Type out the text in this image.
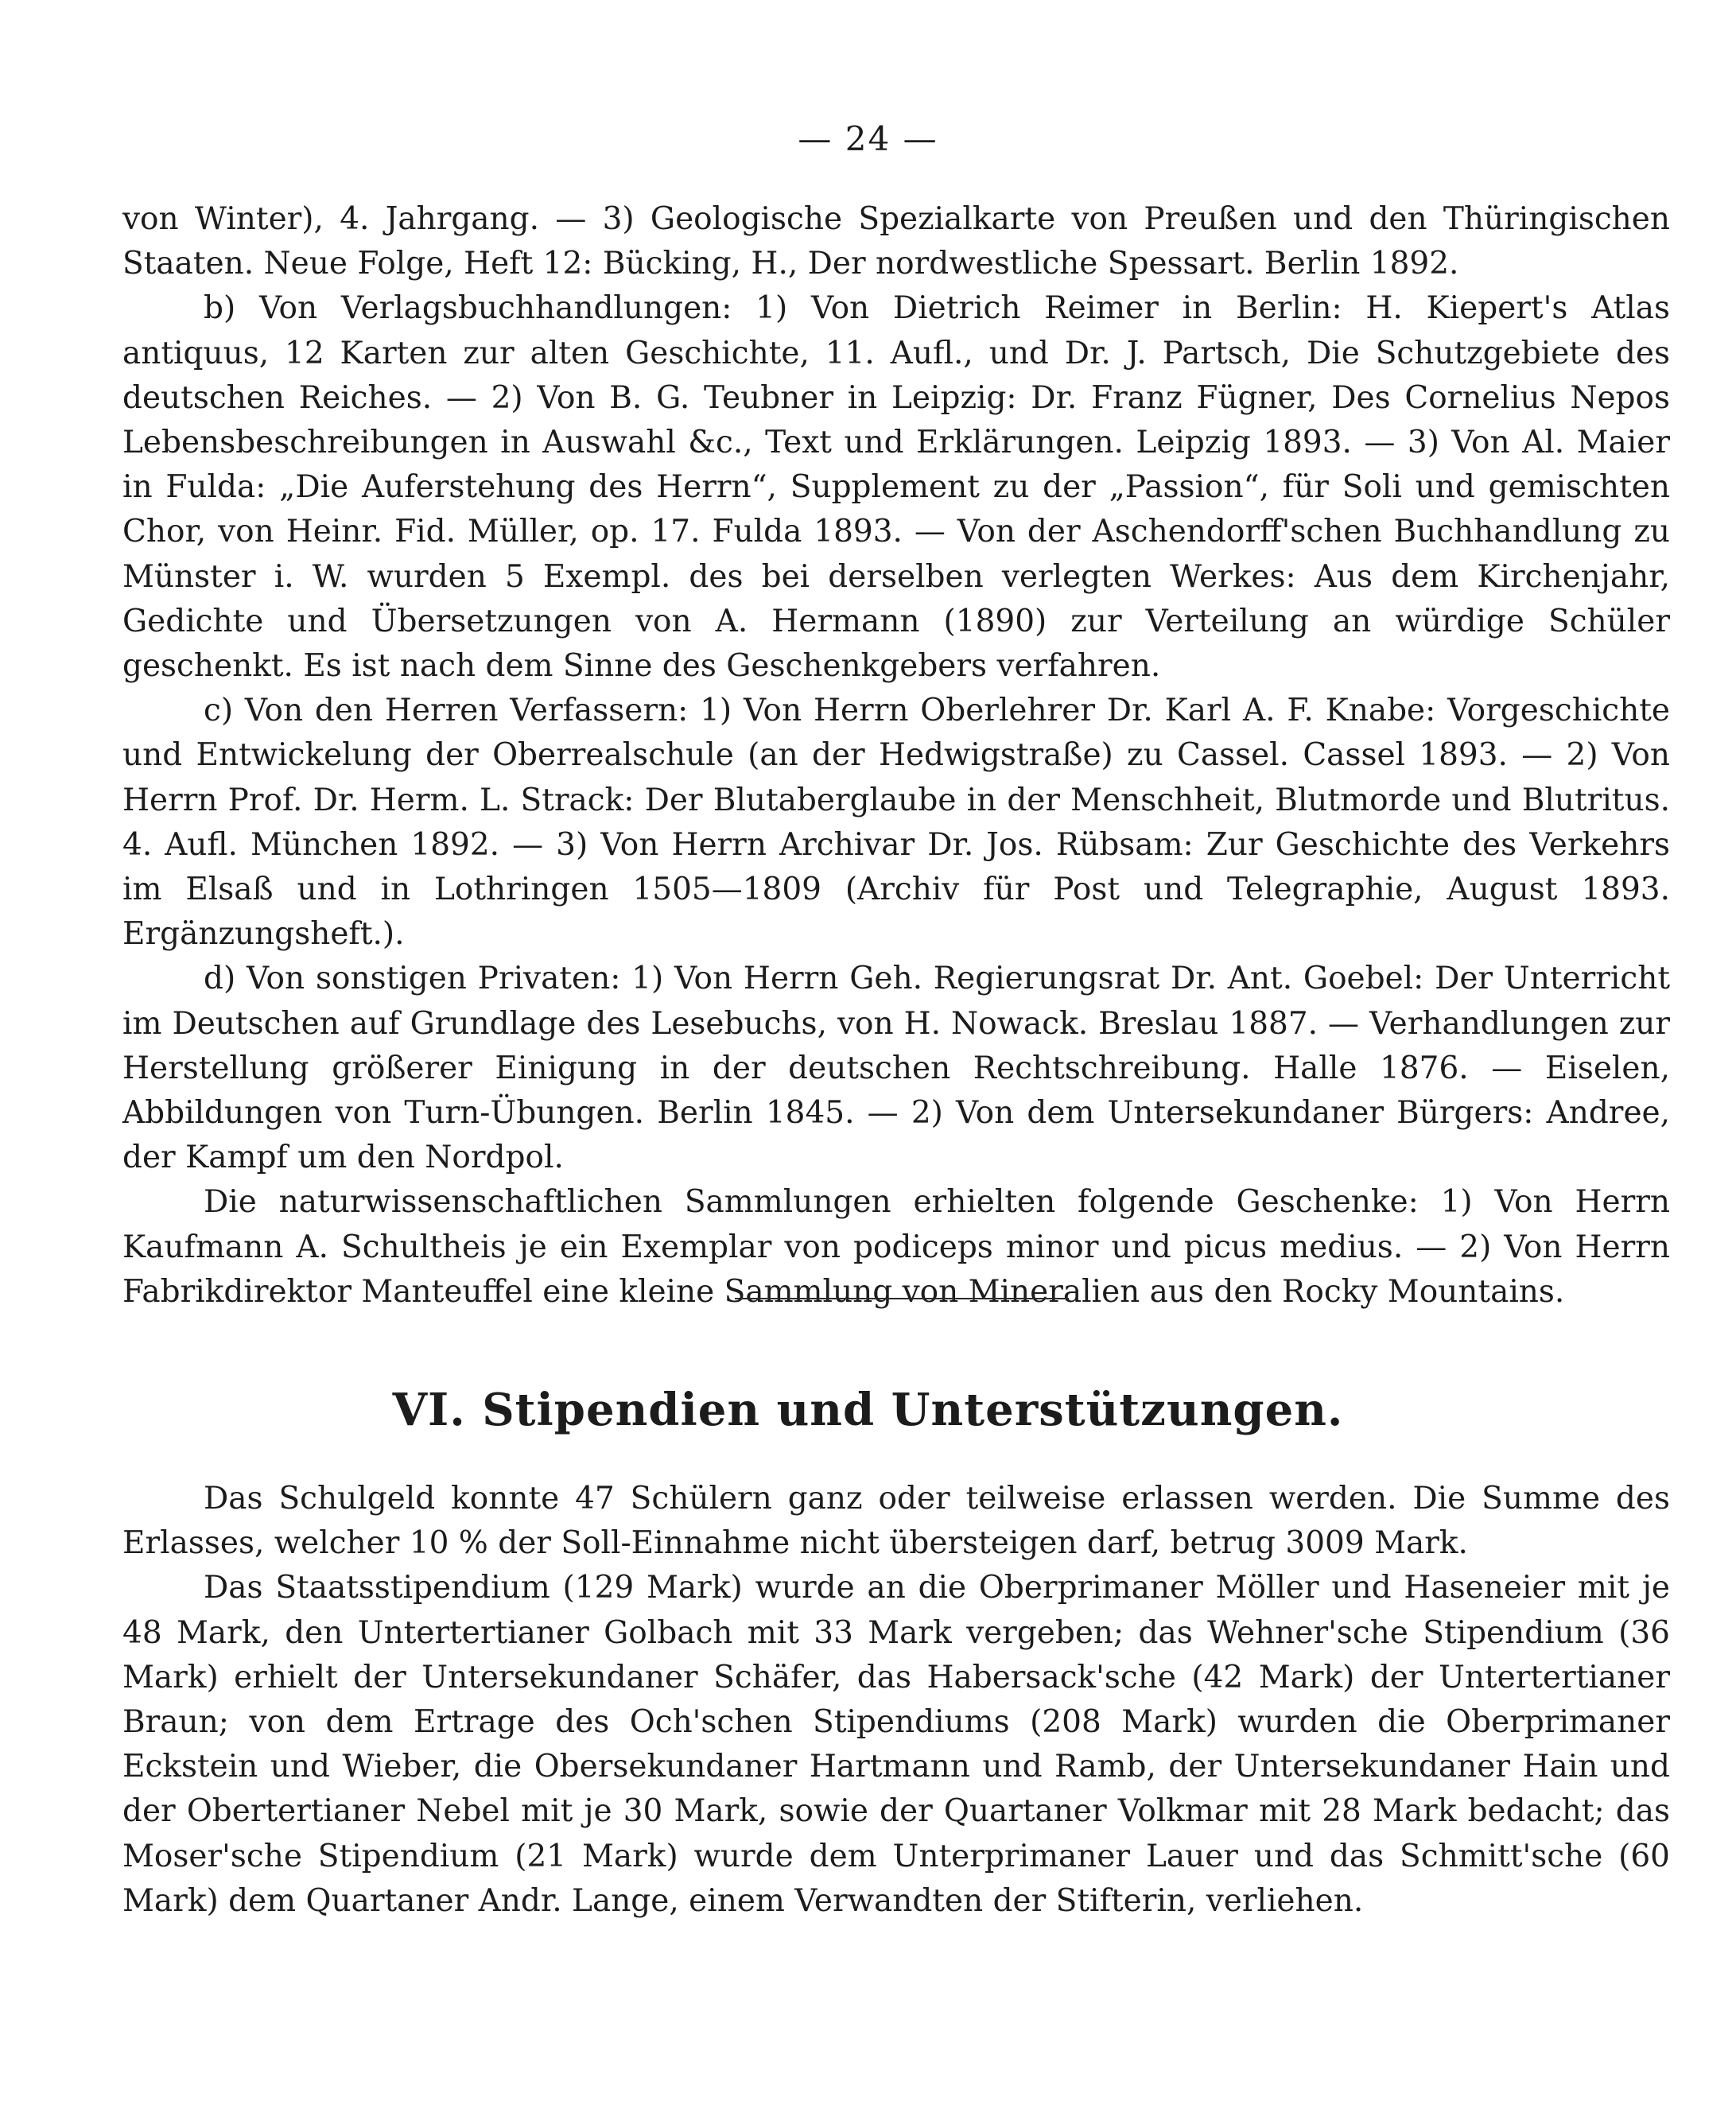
— 24 —

von Winter), 4. Jahrgang. — 3) Geologische Spezialkarte von Preußen und den Thüringischen Staaten. Neue Folge, Heft 12: Bücking, H., Der nordwestliche Spessart. Berlin 1892.

b) Von Verlagsbuchhandlungen: 1) Von Dietrich Reimer in Berlin: H. Kiepert's Atlas antiquus, 12 Karten zur alten Geschichte, 11. Aufl., und Dr. J. Partsch, Die Schutzgebiete des deutschen Reiches. — 2) Von B. G. Teubner in Leipzig: Dr. Franz Fügner, Des Cornelius Nepos Lebensbeschreibungen in Auswahl &c., Text und Erklärungen. Leipzig 1893. — 3) Von Al. Maier in Fulda: „Die Auferstehung des Herrn“, Supplement zu der „Passion“, für Soli und gemischten Chor, von Heinr. Fid. Müller, op. 17. Fulda 1893. — Von der Aschendorff'schen Buchhandlung zu Münster i. W. wurden 5 Exempl. des bei derselben verlegten Werkes: Aus dem Kirchenjahr, Gedichte und Übersetzungen von A. Hermann (1890) zur Verteilung an würdige Schüler geschenkt. Es ist nach dem Sinne des Geschenkgebers verfahren.

c) Von den Herren Verfassern: 1) Von Herrn Oberlehrer Dr. Karl A. F. Knabe: Vorgeschichte und Entwickelung der Oberrealschule (an der Hedwigstraße) zu Cassel. Cassel 1893. — 2) Von Herrn Prof. Dr. Herm. L. Strack: Der Blutaberglaube in der Menschheit, Blutmorde und Blutritus. 4. Aufl. München 1892. — 3) Von Herrn Archivar Dr. Jos. Rübsam: Zur Geschichte des Verkehrs im Elsaß und in Lothringen 1505—1809 (Archiv für Post und Telegraphie, August 1893. Ergänzungsheft.).

d) Von sonstigen Privaten: 1) Von Herrn Geh. Regierungsrat Dr. Ant. Goebel: Der Unterricht im Deutschen auf Grundlage des Lesebuchs, von H. Nowack. Breslau 1887. — Verhandlungen zur Herstellung größerer Einigung in der deutschen Rechtschreibung. Halle 1876. — Eiselen, Abbildungen von Turn-Übungen. Berlin 1845. — 2) Von dem Untersekundaner Bürgers: Andree, der Kampf um den Nordpol.

Die naturwissenschaftlichen Sammlungen erhielten folgende Geschenke: 1) Von Herrn Kaufmann A. Schultheis je ein Exemplar von podiceps minor und picus medius. — 2) Von Herrn Fabrikdirektor Manteuffel eine kleine Sammlung von Mineralien aus den Rocky Mountains.

VI. Stipendien und Unterstützungen.

Das Schulgeld konnte 47 Schülern ganz oder teilweise erlassen werden. Die Summe des Erlasses, welcher 10 % der Soll-Einnahme nicht übersteigen darf, betrug 3009 Mark.

Das Staatsstipendium (129 Mark) wurde an die Oberprimaner Möller und Haseneier mit je 48 Mark, den Untertertianer Golbach mit 33 Mark vergeben; das Wehner'sche Stipendium (36 Mark) erhielt der Untersekundaner Schäfer, das Habersack'sche (42 Mark) der Untertertianer Braun; von dem Ertrage des Och'schen Stipendiums (208 Mark) wurden die Oberprimaner Eckstein und Wieber, die Obersekundaner Hartmann und Ramb, der Untersekundaner Hain und der Obertertianer Nebel mit je 30 Mark, sowie der Quartaner Volkmar mit 28 Mark bedacht; das Moser'sche Stipendium (21 Mark) wurde dem Unterprimaner Lauer und das Schmitt'sche (60 Mark) dem Quartaner Andr. Lange, einem Verwandten der Stifterin, verliehen.
